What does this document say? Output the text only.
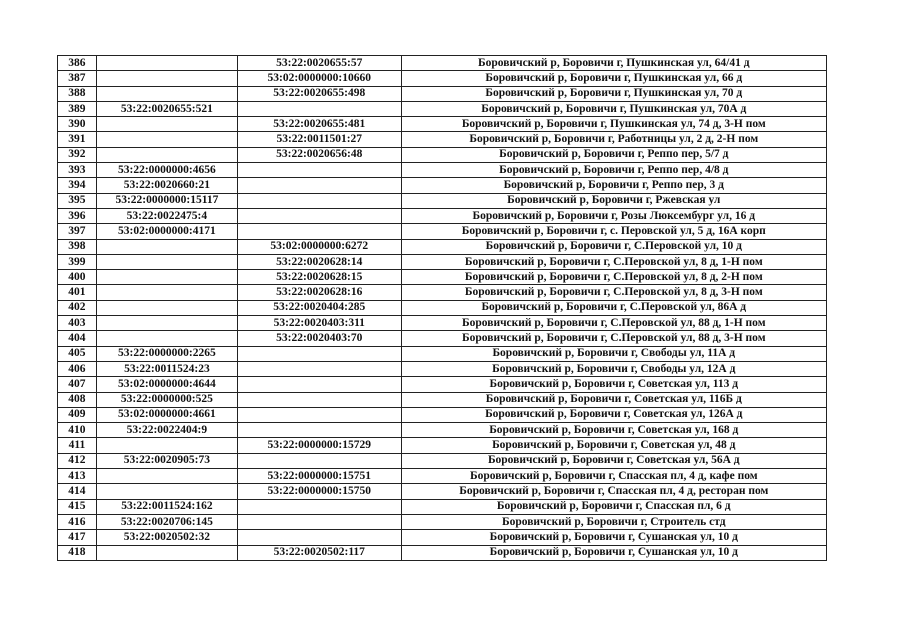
386		53:22:0020655:57	Боровичский р, Боровичи г, Пушкинская ул, 64/41 д
387		53:02:0000000:10660	Боровичский р, Боровичи г, Пушкинская ул, 66 д
388		53:22:0020655:498	Боровичский р, Боровичи г, Пушкинская ул, 70 д
389	53:22:0020655:521		Боровичский р, Боровичи г, Пушкинская ул, 70А д
390		53:22:0020655:481	Боровичский р, Боровичи г, Пушкинская ул, 74 д, 3-Н пом
391		53:22:0011501:27	Боровичский р, Боровичи г, Работницы ул, 2 д, 2-Н пом
392		53:22:0020656:48	Боровичский р, Боровичи г, Реппо пер, 5/7 д
393	53:22:0000000:4656		Боровичский р, Боровичи г, Реппо пер, 4/8 д
394	53:22:0020660:21		Боровичский р, Боровичи г, Реппо пер, 3 д
395	53:22:0000000:15117		Боровичский р, Боровичи г, Ржевская ул
396	53:22:0022475:4		Боровичский р, Боровичи г, Розы Люксембург ул, 16 д
397	53:02:0000000:4171		Боровичский р, Боровичи г, с. Перовской ул, 5 д, 16А корп
398		53:02:0000000:6272	Боровичский р, Боровичи г, С.Перовской ул, 10 д
399		53:22:0020628:14	Боровичский р, Боровичи г, С.Перовской ул, 8 д, 1-Н пом
400		53:22:0020628:15	Боровичский р, Боровичи г, С.Перовской ул, 8 д, 2-Н пом
401		53:22:0020628:16	Боровичский р, Боровичи г, С.Перовской ул, 8 д, 3-Н пом
402		53:22:0020404:285	Боровичский р, Боровичи г, С.Перовской ул, 86А д
403		53:22:0020403:311	Боровичский р, Боровичи г, С.Перовской ул, 88 д, 1-Н пом
404		53:22:0020403:70	Боровичский р, Боровичи г, С.Перовской ул, 88 д, 3-Н пом
405	53:22:0000000:2265		Боровичский р, Боровичи г, Свободы ул, 11А д
406	53:22:0011524:23		Боровичский р, Боровичи г, Свободы ул, 12А д
407	53:02:0000000:4644		Боровичский р, Боровичи г, Советская ул, 113 д
408	53:22:0000000:525		Боровичский р, Боровичи г, Советская ул, 116Б д
409	53:02:0000000:4661		Боровичский р, Боровичи г, Советская ул, 126А д
410	53:22:0022404:9		Боровичский р, Боровичи г, Советская ул, 168 д
411		53:22:0000000:15729	Боровичский р, Боровичи г, Советская ул, 48 д
412	53:22:0020905:73		Боровичский р, Боровичи г, Советская ул, 56А д
413		53:22:0000000:15751	Боровичский р, Боровичи г, Спасская пл, 4 д, кафе пом
414		53:22:0000000:15750	Боровичский р, Боровичи г, Спасская пл, 4 д, ресторан пом
415	53:22:0011524:162		Боровичский р, Боровичи г, Спасская пл, 6 д
416	53:22:0020706:145		Боровичский р, Боровичи г, Строитель стд
417	53:22:0020502:32		Боровичский р, Боровичи г, Сушанская ул, 10 д
418		53:22:0020502:117	Боровичский р, Боровичи г, Сушанская ул, 10 д
